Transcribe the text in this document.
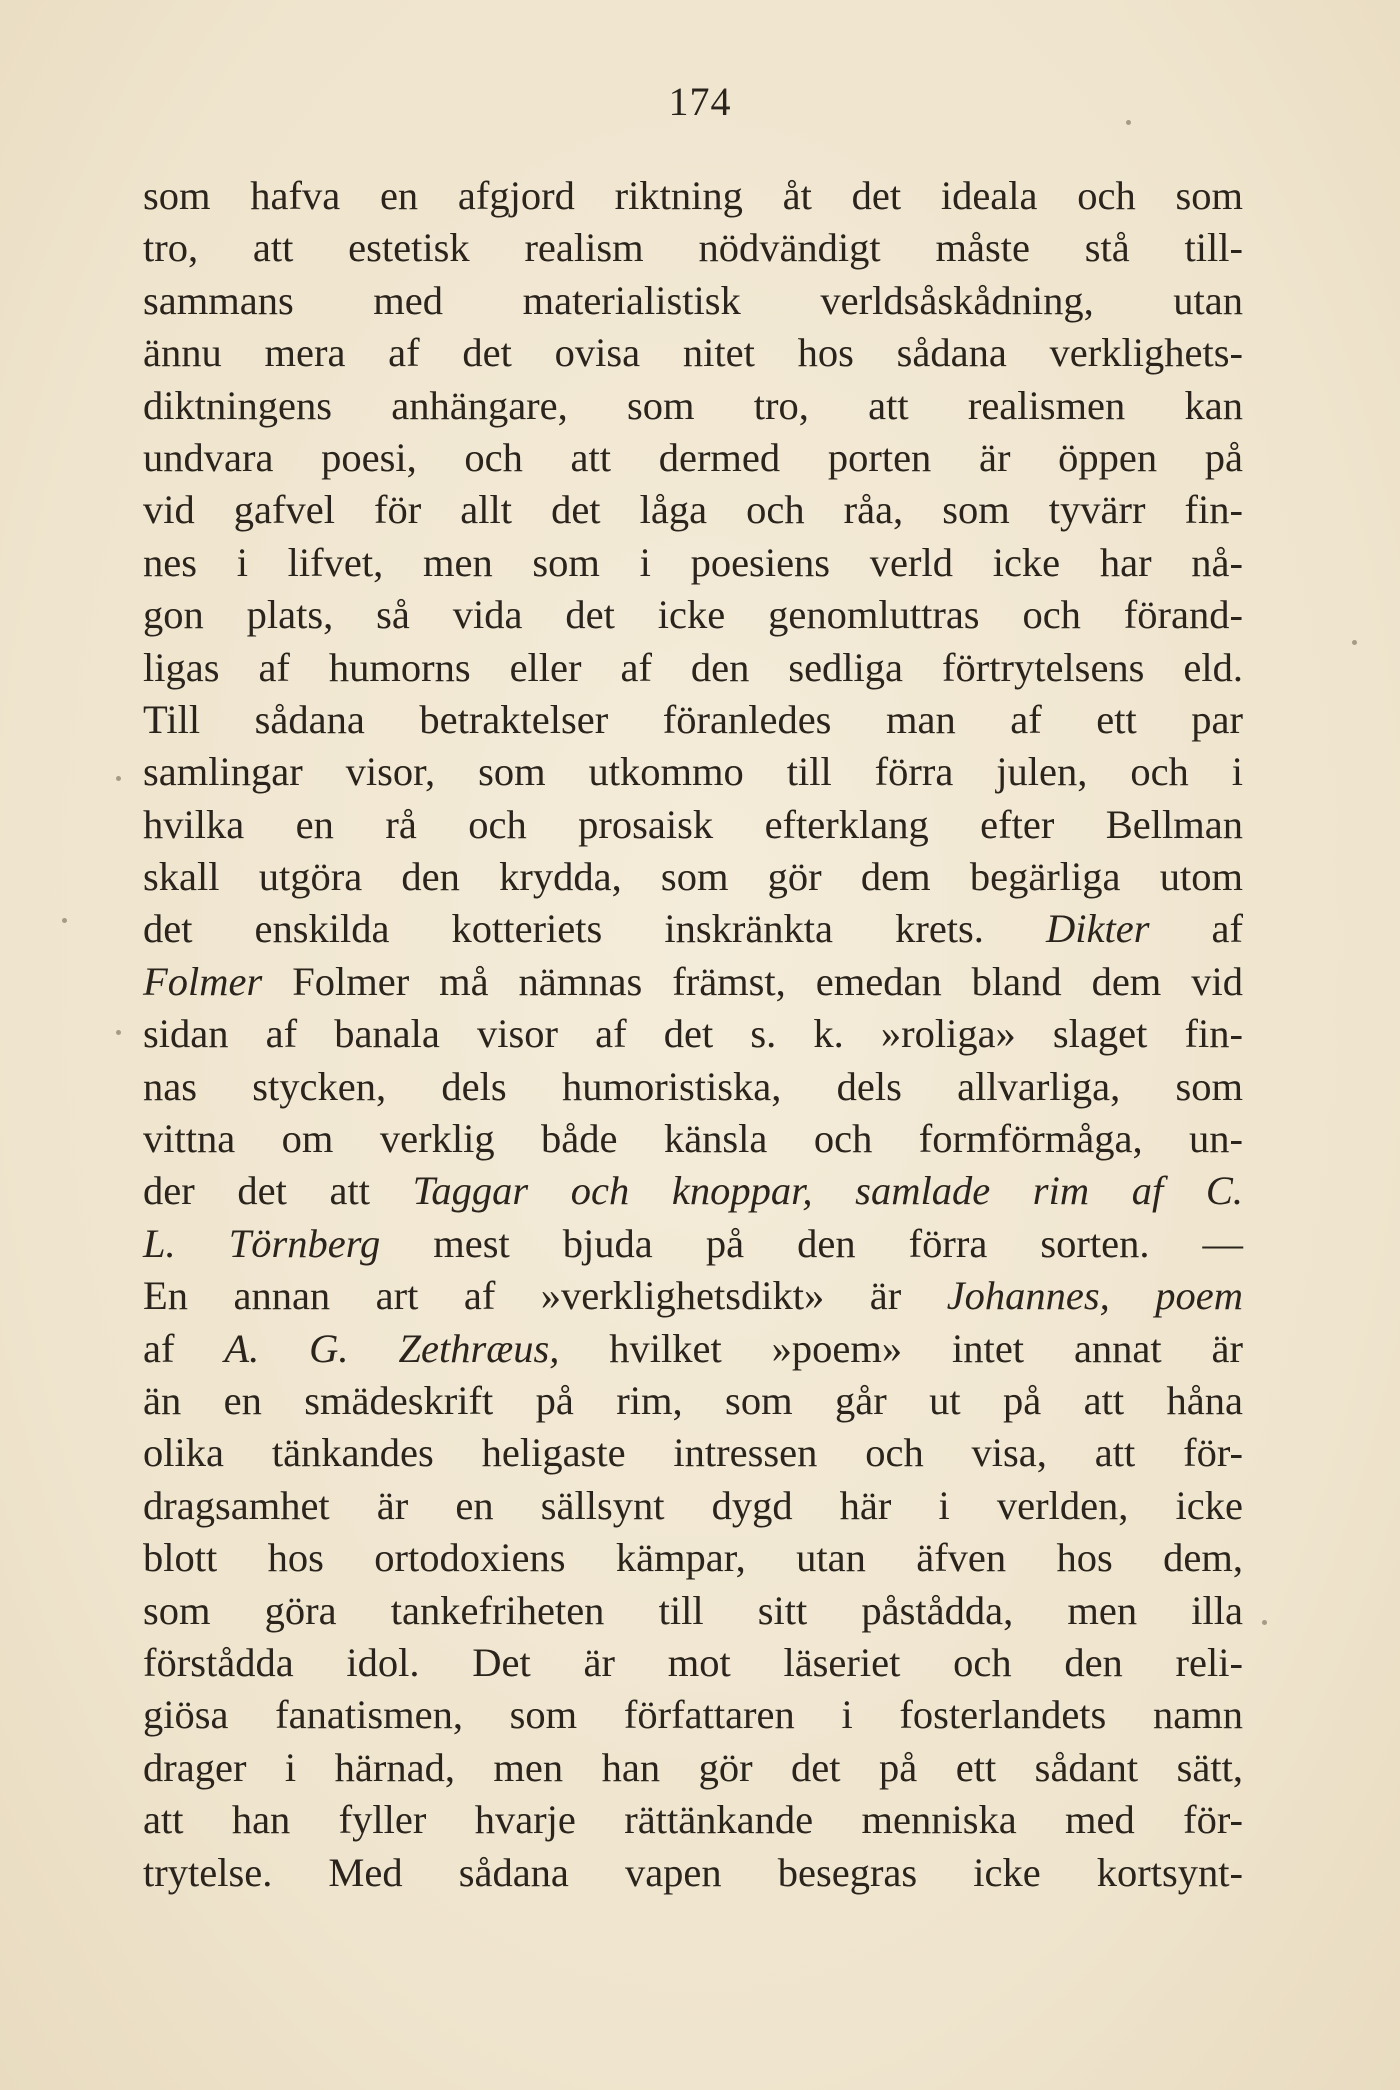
174
som hafva en afgjord riktning åt det ideala och som
tro, att estetisk realism nödvändigt måste stå till-
sammans med materialistisk verldsåskådning, utan
ännu mera af det ovisa nitet hos sådana verklighets-
diktningens anhängare, som tro, att realismen kan
undvara poesi, och att dermed porten är öppen på
vid gafvel för allt det låga och råa, som tyvärr fin-
nes i lifvet, men som i poesiens verld icke har nå-
gon plats, så vida det icke genomluttras och förand-
ligas af humorns eller af den sedliga förtrytelsens eld.
Till sådana betraktelser föranledes man af ett par
samlingar visor, som utkommo till förra julen, och i
hvilka en rå och prosaisk efterklang efter Bellman
skall utgöra den krydda, som gör dem begärliga utom
det enskilda kotteriets inskränkta krets. Dikter af
Folmer Folmer må nämnas främst, emedan bland dem vid
sidan af banala visor af det s. k. »roliga» slaget fin-
nas stycken, dels humoristiska, dels allvarliga, som
vittna om verklig både känsla och formförmåga, un-
der det att Taggar och knoppar, samlade rim af C.
L. Törnberg mest bjuda på den förra sorten. —
En annan art af »verklighetsdikt» är Johannes, poem
af A. G. Zethræus, hvilket »poem» intet annat är
än en smädeskrift på rim, som går ut på att håna
olika tänkandes heligaste intressen och visa, att för-
dragsamhet är en sällsynt dygd här i verlden, icke
blott hos ortodoxiens kämpar, utan äfven hos dem,
som göra tankefriheten till sitt påstådda, men illa
förstådda idol. Det är mot läseriet och den reli-
giösa fanatismen, som författaren i fosterlandets namn
drager i härnad, men han gör det på ett sådant sätt,
att han fyller hvarje rättänkande menniska med för-
trytelse. Med sådana vapen besegras icke kortsynt-
